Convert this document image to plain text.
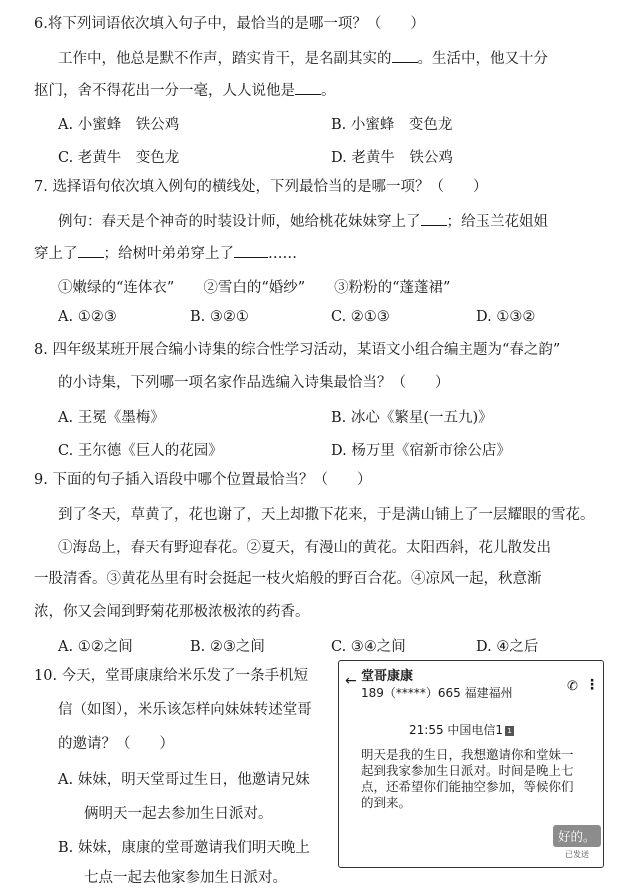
6.将下列词语依次填入句子中，最恰当的是哪一项？（　　）
工作中，他总是默不作声，踏实肯干，是名副其实的 。生活中，他又十分
抠门，舍不得花出一分一毫，人人说他是 。
A. 小蜜蜂　铁公鸡	B. 小蜜蜂　变色龙
C. 老黄牛　变色龙	D. 老黄牛　铁公鸡
7. 选择语句依次填入例句的横线处，下列最恰当的是哪一项？（　　）
例句：春天是个神奇的时装设计师，她给桃花妹妹穿上了 ；给玉兰花姐姐
穿上了 ；给树叶弟弟穿上了 ……
①嫩绿的“连体衣”　　②雪白的“婚纱”　　③粉粉的“蓬蓬裙”
A. ①②③	B. ③②①	C. ②①③	D. ①③②
8. 四年级某班开展合编小诗集的综合性学习活动，某语文小组合编主题为“春之韵”
的小诗集，下列哪一项名家作品选编入诗集最恰当？（　　）
A. 王冕《墨梅》	B. 冰心《繁星(一五九)》
C. 王尔德《巨人的花园》	D. 杨万里《宿新市徐公店》
9. 下面的句子插入语段中哪个位置最恰当？（　　）
到了冬天，草黄了，花也谢了，天上却撒下花来，于是满山铺上了一层耀眼的雪花。
①海岛上，春天有野迎春花。②夏天，有漫山的黄花。太阳西斜，花儿散发出
一股清香。③黄花丛里有时会挺起一枝火焰般的野百合花。④凉风一起，秋意渐
浓，你又会闻到野菊花那极浓极浓的药香。
A. ①②之间	B. ②③之间	C. ③④之间	D. ④之后
10. 今天，堂哥康康给米乐发了一条手机短
信（如图），米乐该怎样向妹妹转述堂哥
的邀请？（　　）
A. 妹妹，明天堂哥过生日，他邀请兄妹
俩明天一起去参加生日派对。
B. 妹妹，康康的堂哥邀请我们明天晚上
七点一起去他家参加生日派对。
← 堂哥康康
189（*****）665 福建福州	✆ ⋮
21:55 中国电信1 1
明天是我的生日，我想邀请你和堂妹一起到我家参加生日派对。时间是晚上七点，还希望你们能抽空参加，等候你们的到来。
好的。
已发送
